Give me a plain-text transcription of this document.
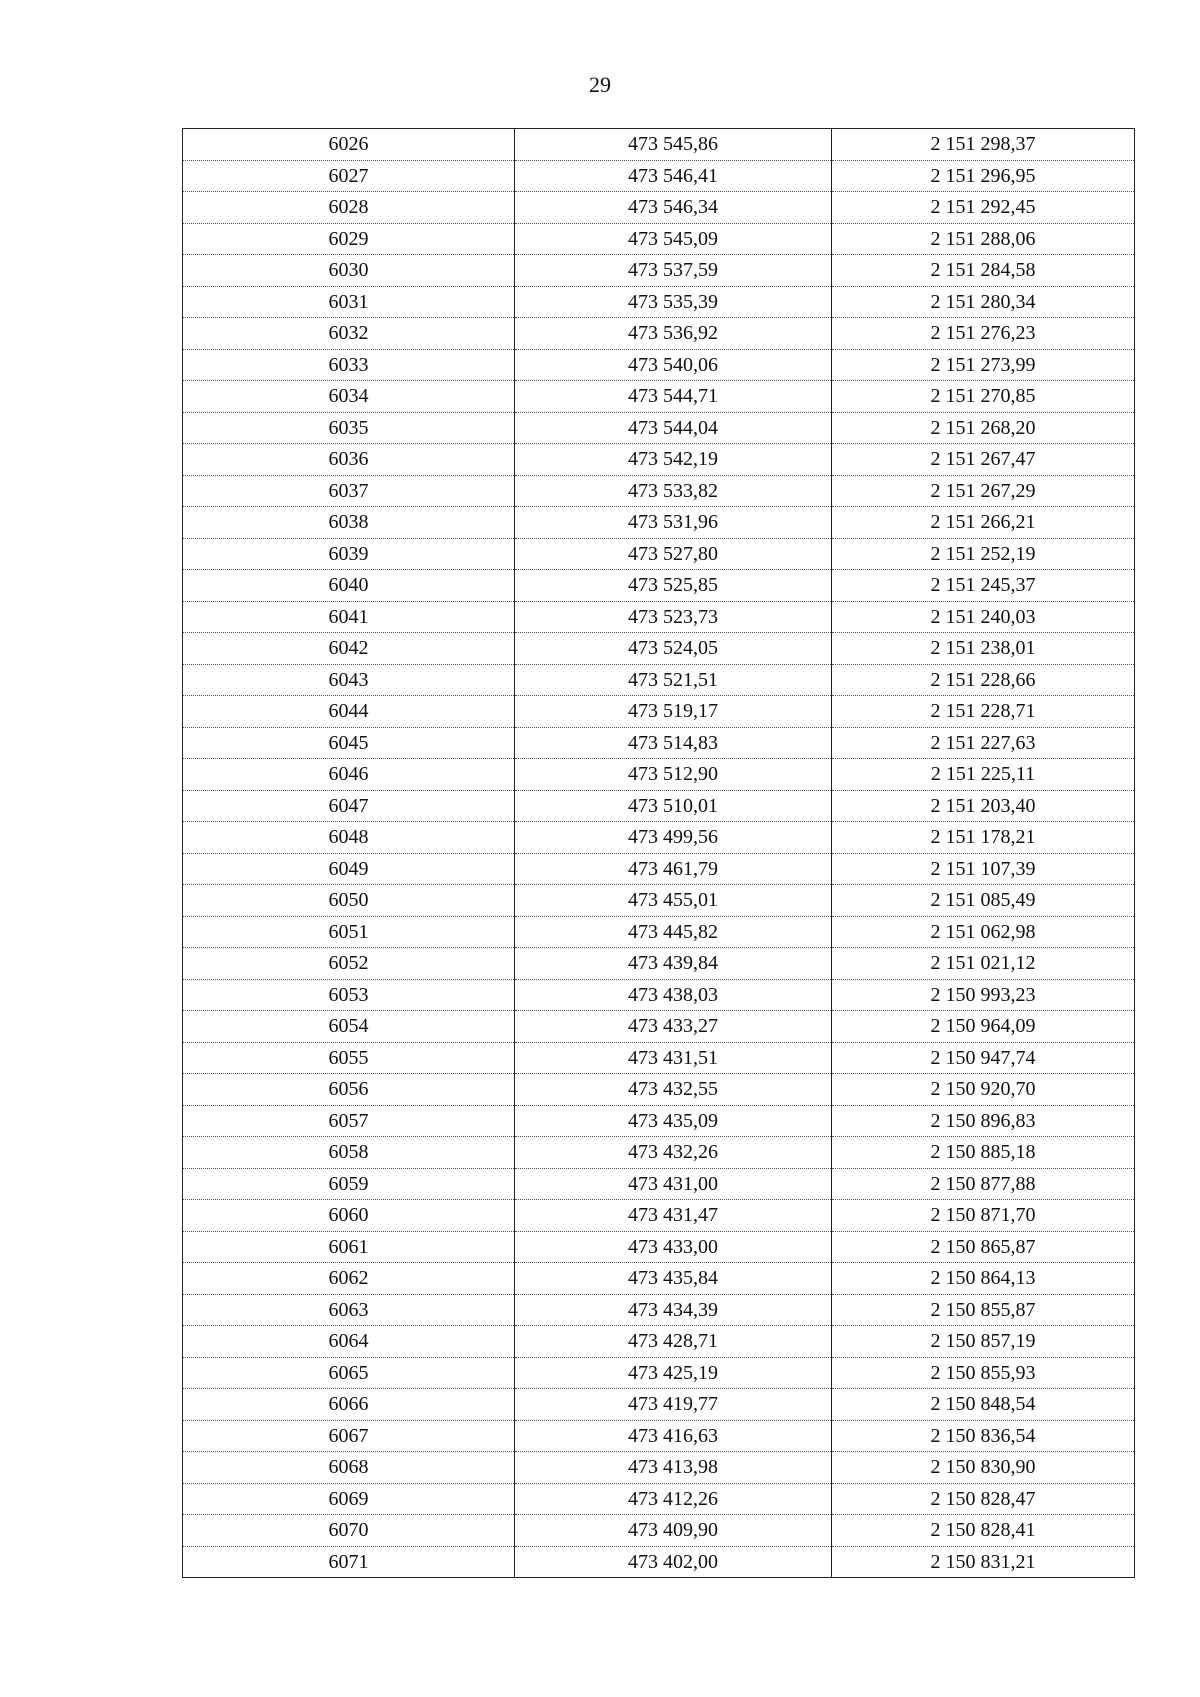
29
6026	473 545,86	2 151 298,37
6027	473 546,41	2 151 296,95
6028	473 546,34	2 151 292,45
6029	473 545,09	2 151 288,06
6030	473 537,59	2 151 284,58
6031	473 535,39	2 151 280,34
6032	473 536,92	2 151 276,23
6033	473 540,06	2 151 273,99
6034	473 544,71	2 151 270,85
6035	473 544,04	2 151 268,20
6036	473 542,19	2 151 267,47
6037	473 533,82	2 151 267,29
6038	473 531,96	2 151 266,21
6039	473 527,80	2 151 252,19
6040	473 525,85	2 151 245,37
6041	473 523,73	2 151 240,03
6042	473 524,05	2 151 238,01
6043	473 521,51	2 151 228,66
6044	473 519,17	2 151 228,71
6045	473 514,83	2 151 227,63
6046	473 512,90	2 151 225,11
6047	473 510,01	2 151 203,40
6048	473 499,56	2 151 178,21
6049	473 461,79	2 151 107,39
6050	473 455,01	2 151 085,49
6051	473 445,82	2 151 062,98
6052	473 439,84	2 151 021,12
6053	473 438,03	2 150 993,23
6054	473 433,27	2 150 964,09
6055	473 431,51	2 150 947,74
6056	473 432,55	2 150 920,70
6057	473 435,09	2 150 896,83
6058	473 432,26	2 150 885,18
6059	473 431,00	2 150 877,88
6060	473 431,47	2 150 871,70
6061	473 433,00	2 150 865,87
6062	473 435,84	2 150 864,13
6063	473 434,39	2 150 855,87
6064	473 428,71	2 150 857,19
6065	473 425,19	2 150 855,93
6066	473 419,77	2 150 848,54
6067	473 416,63	2 150 836,54
6068	473 413,98	2 150 830,90
6069	473 412,26	2 150 828,47
6070	473 409,90	2 150 828,41
6071	473 402,00	2 150 831,21
